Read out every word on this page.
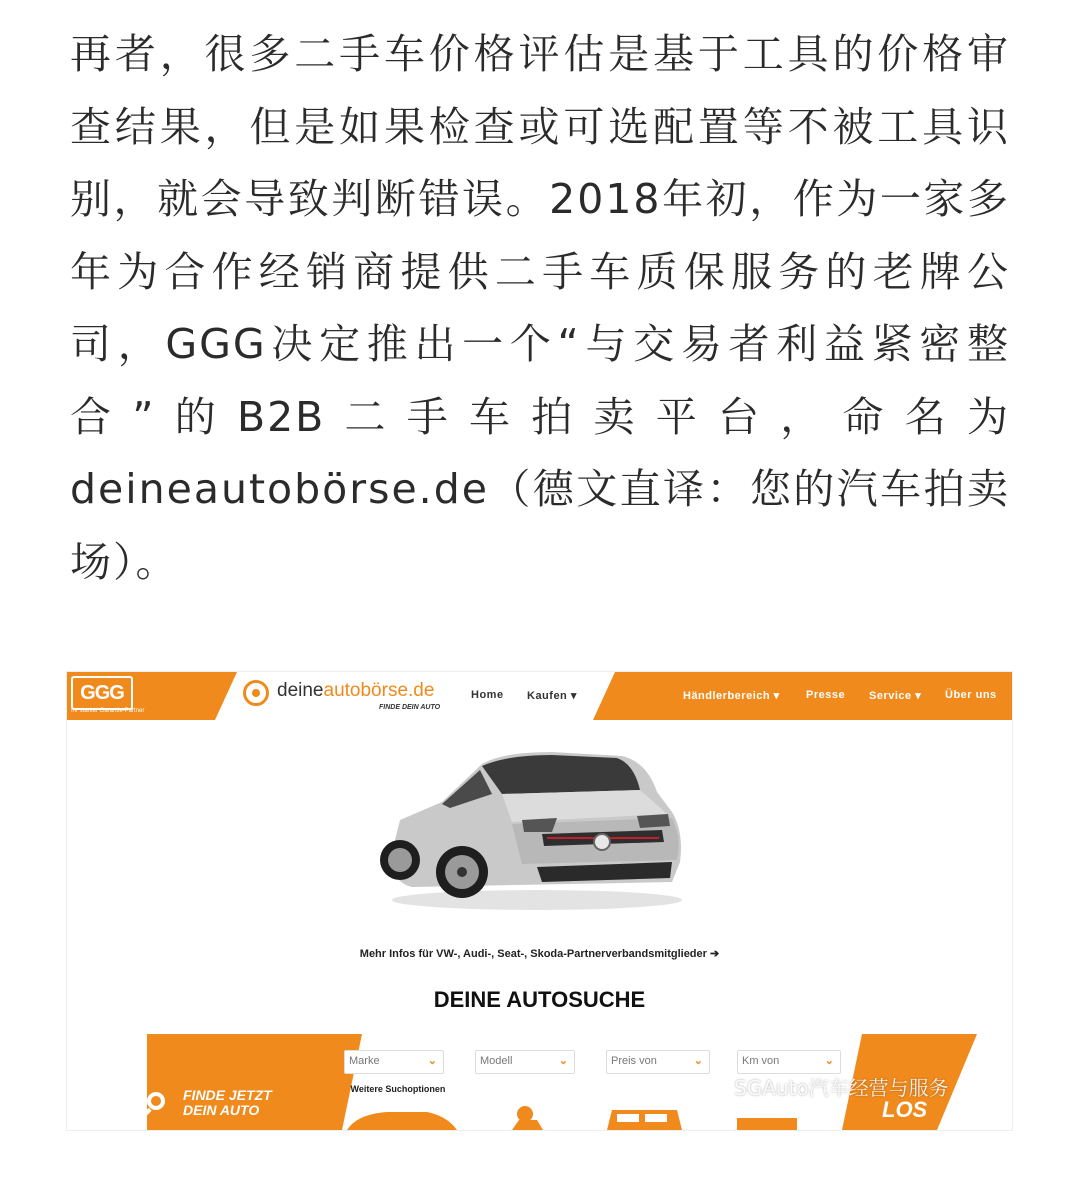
再者，很多二手车价格评估是基于工具的价格审查结果，但是如果检查或可选配置等不被工具识别，就会导致判断错误。2018年初，作为一家多年为合作经销商提供二手车质保服务的老牌公司，GGG决定推出一个“与交易者利益紧密整合”的B2B二手车拍卖平台，命名为deineautobörse.de（德文直译：您的汽车拍卖场）。
GGG
Ihr starker Garantie-Partner
deineautobörse.de
FINDE DEIN AUTO
Home Kaufen ▾	Händlerbereich ▾ Presse Service ▾ Über uns
Mehr Infos für VW-, Audi-, Seat-, Skoda-Partnerverbandsmitglieder ➔
DEINE AUTOSUCHE
FINDE JETZT
DEIN AUTO
Marke	⌄	Modell	⌄	Preis von	⌄	Km von	⌄
› Weitere Suchoptionen
LOS
SGAuto汽车经营与服务
